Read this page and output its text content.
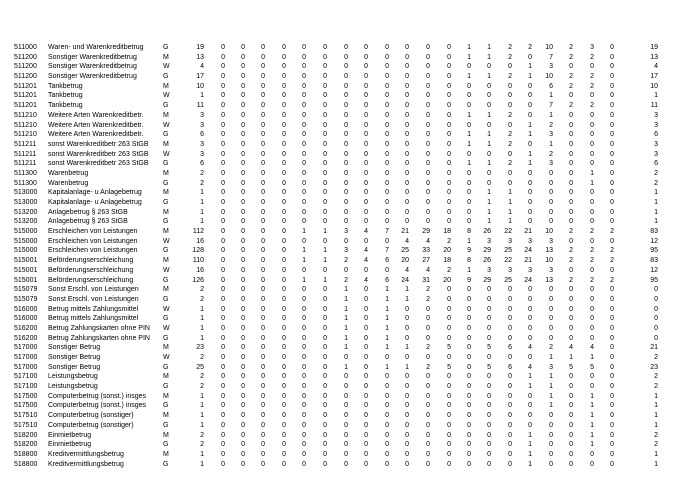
511000 Waren- und Warenkreditbetrug	G	19	0	0	0	0	0	0	0	0	0	0	0	0	1	1	2	2	10	2	3	0	19
511200 Sonstiger Warenkreditbetrug	M	13	0	0	0	0	0	0	0	0	0	0	0	0	1	1	2	0	7	2	2	0	13
511200 Sonstiger Warenkreditbetrug	W	4	0	0	0	0	0	0	0	0	0	0	0	0	0	0	0	1	3	0	0	0	4
511200 Sonstiger Warenkreditbetrug	G	17	0	0	0	0	0	0	0	0	0	0	0	0	1	1	2	1	10	2	2	0	17
511201 Tankbetrug	M	10	0	0	0	0	0	0	0	0	0	0	0	0	0	0	0	0	6	2	2	0	10
511201 Tankbetrug	W	1	0	0	0	0	0	0	0	0	0	0	0	0	0	0	0	0	1	0	0	0	1
511201 Tankbetrug	G	11	0	0	0	0	0	0	0	0	0	0	0	0	0	0	0	0	7	2	2	0	11
511210 Weitere Arten Warenkreditbetr.	M	3	0	0	0	0	0	0	0	0	0	0	0	0	1	1	2	0	1	0	0	0	3
511210 Weitere Arten Warenkreditbetr.	W	3	0	0	0	0	0	0	0	0	0	0	0	0	0	0	0	1	2	0	0	0	3
511210 Weitere Arten Warenkreditbetr.	G	6	0	0	0	0	0	0	0	0	0	0	0	0	1	1	2	1	3	0	0	0	6
511211 sonst Warenkreditbetr 263 StGB M	3	0	0	0	0	0	0	0	0	0	0	0	0	1	1	2	0	1	0	0	0	3
511211 sonst Warenkreditbetr 263 StGB W	3	0	0	0	0	0	0	0	0	0	0	0	0	0	0	0	1	2	0	0	0	3
511211 sonst Warenkreditbetr 263 StGB G	6	0	0	0	0	0	0	0	0	0	0	0	0	1	1	2	1	3	0	0	0	6
511300 Warenbetrug	M	2	0	0	0	0	0	0	0	0	0	0	0	0	0	0	0	0	0	0	1	0	2
511300 Warenbetrug	G	2	0	0	0	0	0	0	0	0	0	0	0	0	0	0	0	0	0	0	1	0	2
513000 Kapitalanlage- u Anlagebetrug	M	1	0	0	0	0	0	0	0	0	0	0	0	0	0	1	1	0	0	0	0	0	1
513000 Kapitalanlage- u Anlagebetrug	G	1	0	0	0	0	0	0	0	0	0	0	0	0	0	1	1	0	0	0	0	0	1
513200 Anlagebetrug § 263 StGB	M	1	0	0	0	0	0	0	0	0	0	0	0	0	0	1	1	0	0	0	0	0	1
513200 Anlagebetrug § 263 StGB	G	1	0	0	0	0	0	0	0	0	0	0	0	0	0	1	1	0	0	0	0	0	1
515000 Erschleichen von Leistungen	M	112	0	0	0	0	1	1	3	4	7	21	29	18	8	26	22	21	10	2	2	2	83
515000 Erschleichen von Leistungen	W	16	0	0	0	0	0	0	0	0	0	4	4	2	1	3	3	3	3	0	0	0	12
515000 Erschleichen von Leistungen	G	128	0	0	0	0	1	1	3	4	7	25	33	20	9	29	25	24	13	2	2	2	95
515001 Beförderungserschleichung	M	110	0	0	0	0	1	1	2	4	6	20	27	18	8	26	22	21	10	2	2	2	83
515001 Beförderungserschleichung	W	16	0	0	0	0	0	0	0	0	0	4	4	2	1	3	3	3	3	0	0	0	12
515001 Beförderungserschleichung	G	126	0	0	0	0	1	1	2	4	6	24	31	20	9	29	25	24	13	2	2	2	95
515079 Sonst Erschl. von Leistungen	M	2	0	0	0	0	0	0	1	0	1	1	2	0	0	0	0	0	0	0	0	0	0
515079 Sonst Erschl. von Leistungen	G	2	0	0	0	0	0	0	1	0	1	1	2	0	0	0	0	0	0	0	0	0	0
516000 Betrug mittels Zahlungsmittel	W	1	0	0	0	0	0	0	1	0	1	0	0	0	0	0	0	0	0	0	0	0	0
516000 Betrug mittels Zahlungsmittel	G	1	0	0	0	0	0	0	1	0	1	0	0	0	0	0	0	0	0	0	0	0	0
516200 Betrug Zahlungskarten ohne PIN W	1	0	0	0	0	0	0	1	0	1	0	0	0	0	0	0	0	0	0	0	0	0
516200 Betrug Zahlungskarten ohne PIN G	1	0	0	0	0	0	0	1	0	1	0	0	0	0	0	0	0	0	0	0	0	0
517000 Sonstiger Betrug	M	23	0	0	0	0	0	0	1	0	1	1	2	5	0	5	6	4	2	4	4	0	21
517000 Sonstiger Betrug	W	2	0	0	0	0	0	0	0	0	0	0	0	0	0	0	0	0	1	1	1	0	2
517000 Sonstiger Betrug	G	25	0	0	0	0	0	0	1	0	1	1	2	5	0	5	6	4	3	5	5	0	23
517100 Leistungsbetrug	M	2	0	0	0	0	0	0	0	0	0	0	0	0	0	0	0	1	1	0	0	0	2
517100 Leistungsbetrug	G	2	0	0	0	0	0	0	0	0	0	0	0	0	0	0	0	1	1	0	0	0	2
517500 Computerbetrug (sonst.) insges M	1	0	0	0	0	0	0	0	0	0	0	0	0	0	0	0	0	1	0	1	0	1
517500 Computerbetrug (sonst.) insges G	1	0	0	0	0	0	0	0	0	0	0	0	0	0	0	0	0	1	0	1	0	1
517510 Computerbetrug (sonstiger)	M	1	0	0	0	0	0	0	0	0	0	0	0	0	0	0	0	0	0	0	1	0	1
517510 Computerbetrug (sonstiger)	G	1	0	0	0	0	0	0	0	0	0	0	0	0	0	0	0	0	0	0	1	0	1
518200 Einmietbetrug	M	2	0	0	0	0	0	0	0	0	0	0	0	0	0	0	0	1	0	0	1	0	2
518200 Einmietbetrug	G	2	0	0	0	0	0	0	0	0	0	0	0	0	0	0	0	1	0	0	1	0	2
518800 Kreditvermittlungsbetrug	M	1	0	0	0	0	0	0	0	0	0	0	0	0	0	0	0	1	0	0	0	0	1
518800 Kreditvermittlungsbetrug	G	1	0	0	0	0	0	0	0	0	0	0	0	0	0	0	0	1	0	0	0	0	1
